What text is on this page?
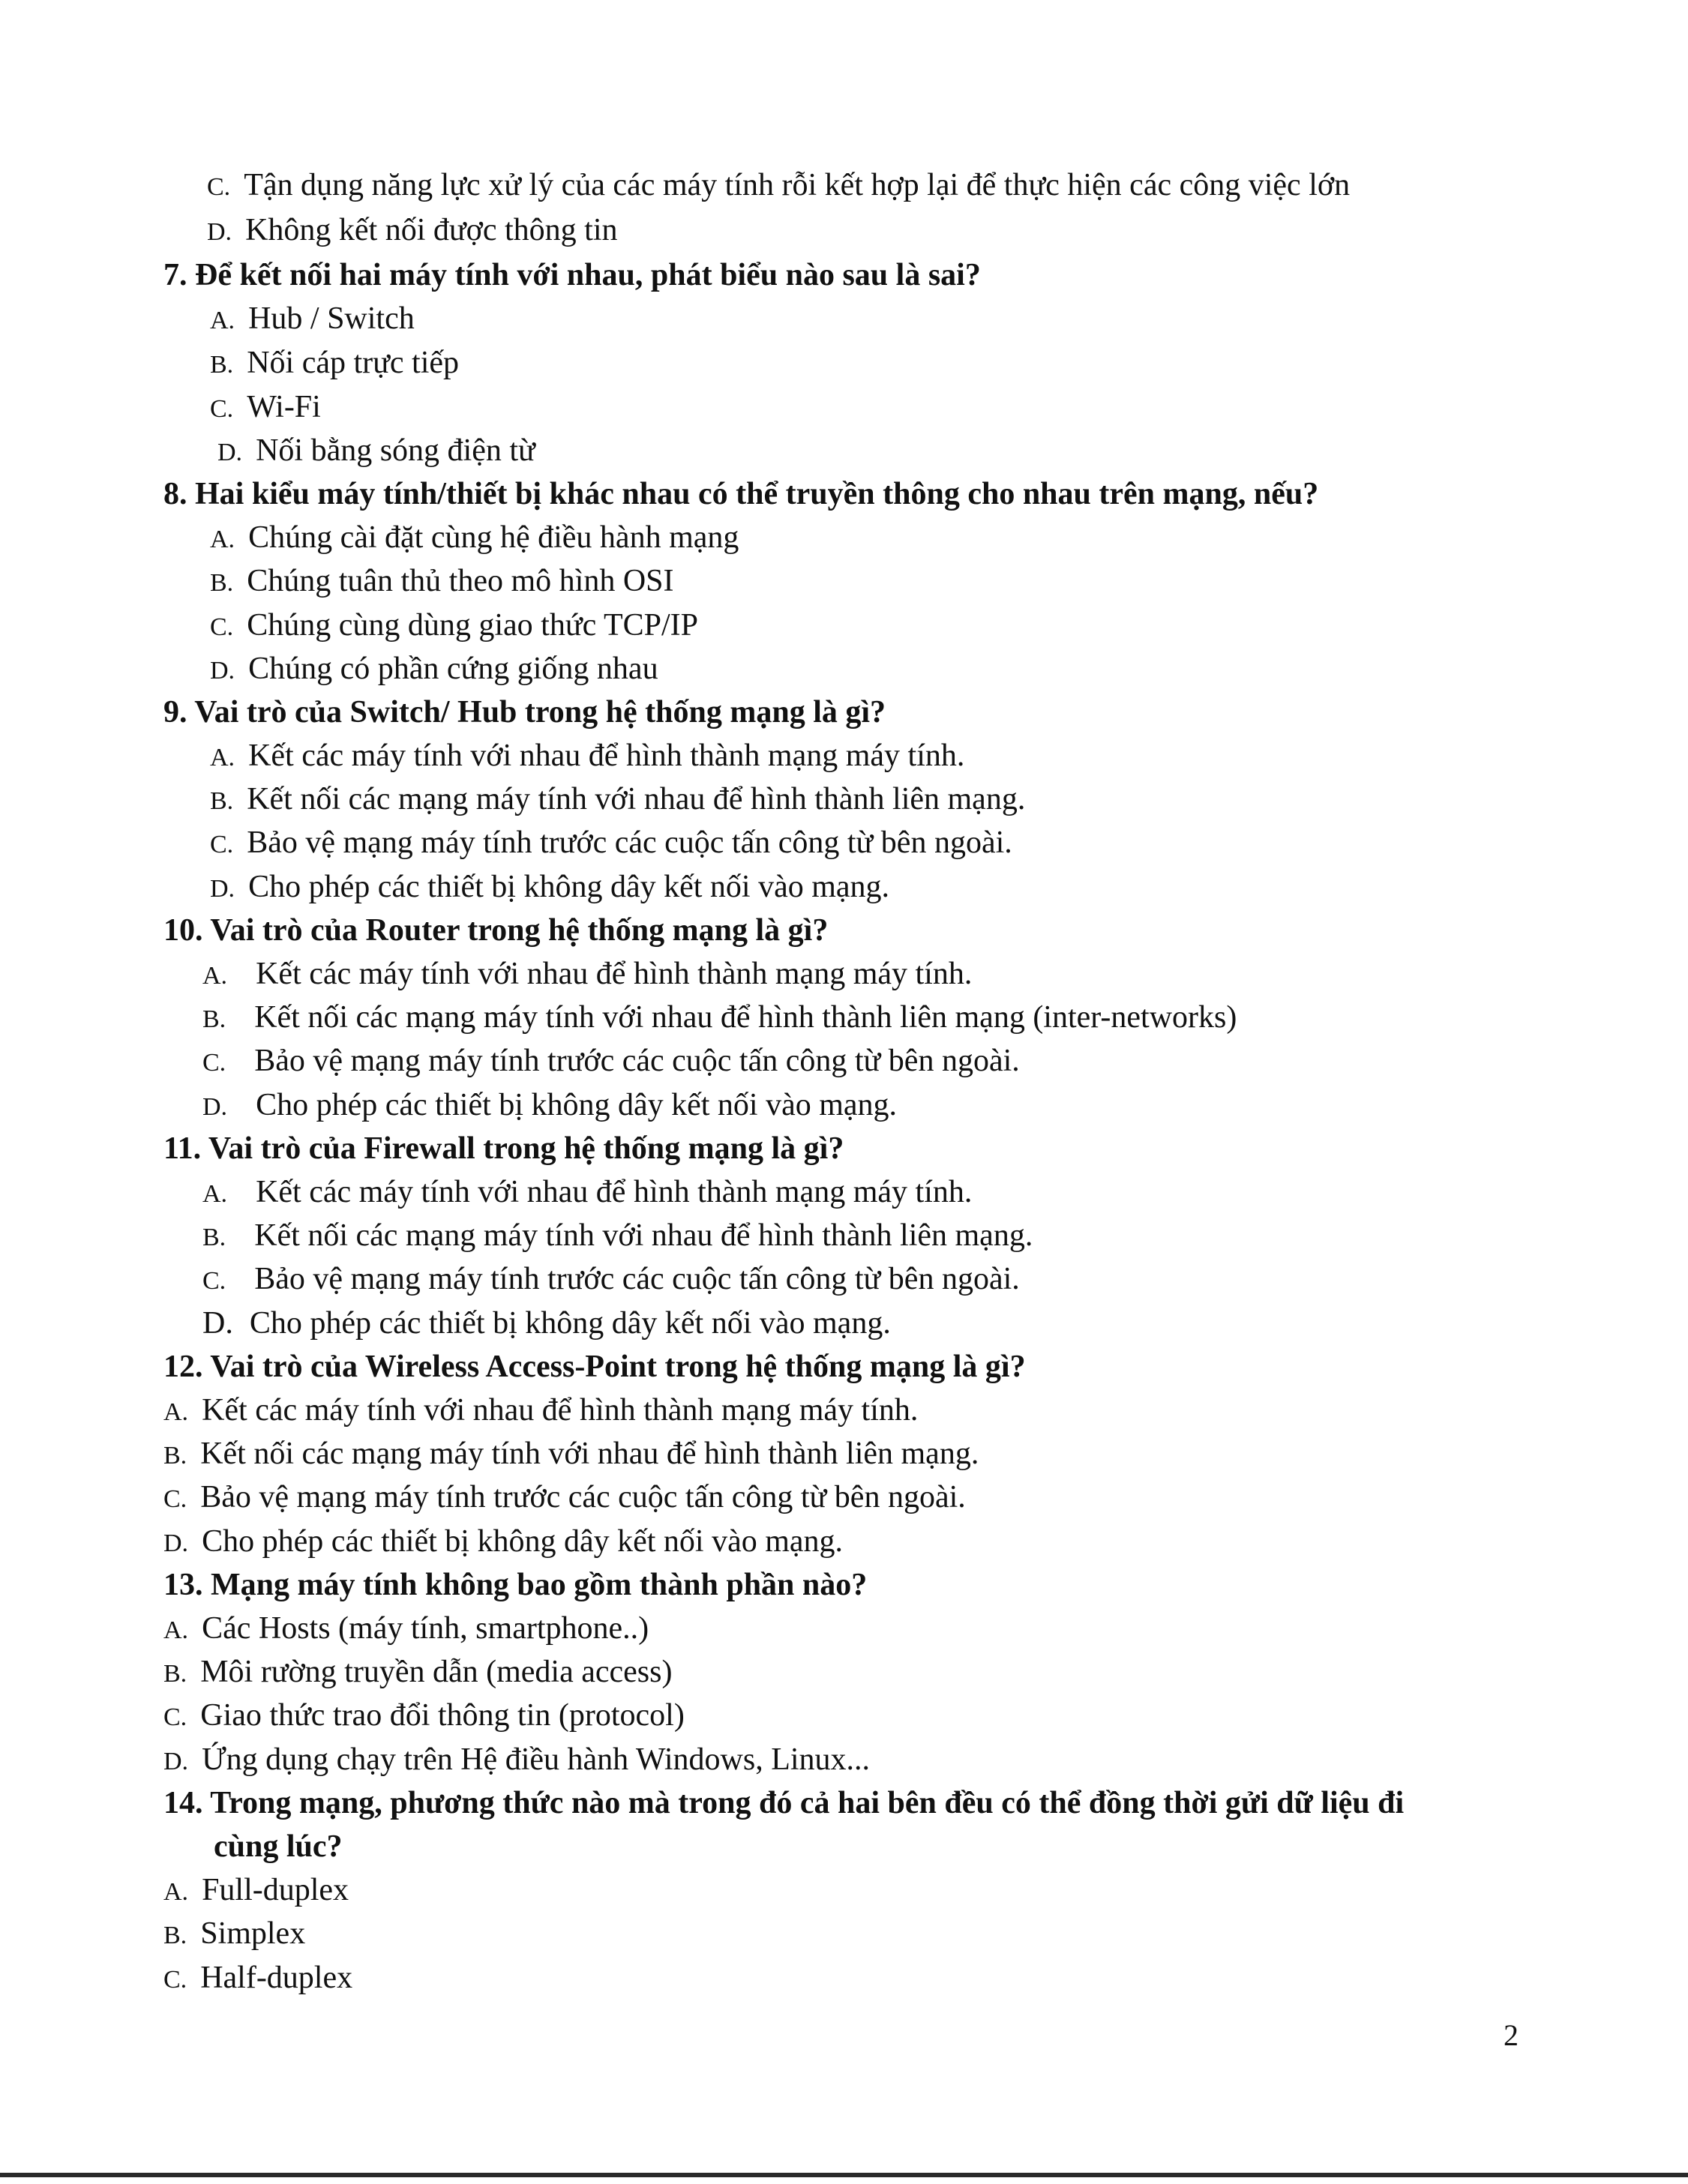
C. Tận dụng năng lực xử lý của các máy tính rỗi kết hợp lại để thực hiện các công việc lớn
D. Không kết nối được thông tin
7. Để kết nối hai máy tính với nhau, phát biểu nào sau là sai?
A. Hub / Switch
B. Nối cáp trực tiếp
C. Wi-Fi
D. Nối bằng sóng điện từ
8. Hai kiểu máy tính/thiết bị khác nhau có thể truyền thông cho nhau trên mạng, nếu?
A. Chúng cài đặt cùng hệ điều hành mạng
B. Chúng tuân thủ theo mô hình OSI
C. Chúng cùng dùng giao thức TCP/IP
D. Chúng có phần cứng giống nhau
9. Vai trò của Switch/ Hub trong hệ thống mạng là gì?
A. Kết các máy tính với nhau để hình thành mạng máy tính.
B. Kết nối các mạng máy tính với nhau để hình thành liên mạng.
C. Bảo vệ mạng máy tính trước các cuộc tấn công từ bên ngoài.
D. Cho phép các thiết bị không dây kết nối vào mạng.
10. Vai trò của Router trong hệ thống mạng là gì?
A. Kết các máy tính với nhau để hình thành mạng máy tính.
B. Kết nối các mạng máy tính với nhau để hình thành liên mạng (inter-networks)
C. Bảo vệ mạng máy tính trước các cuộc tấn công từ bên ngoài.
D. Cho phép các thiết bị không dây kết nối vào mạng.
11. Vai trò của Firewall trong hệ thống mạng là gì?
A. Kết các máy tính với nhau để hình thành mạng máy tính.
B. Kết nối các mạng máy tính với nhau để hình thành liên mạng.
C. Bảo vệ mạng máy tính trước các cuộc tấn công từ bên ngoài.
D. Cho phép các thiết bị không dây kết nối vào mạng.
12. Vai trò của Wireless Access-Point trong hệ thống mạng là gì?
A. Kết các máy tính với nhau để hình thành mạng máy tính.
B. Kết nối các mạng máy tính với nhau để hình thành liên mạng.
C. Bảo vệ mạng máy tính trước các cuộc tấn công từ bên ngoài.
D. Cho phép các thiết bị không dây kết nối vào mạng.
13. Mạng máy tính không bao gồm thành phần nào?
A. Các Hosts (máy tính, smartphone..)
B. Môi rường truyền dẫn (media access)
C. Giao thức trao đổi thông tin (protocol)
D. Ứng dụng chạy trên Hệ điều hành Windows, Linux...
14. Trong mạng, phương thức nào mà trong đó cả hai bên đều có thể đồng thời gửi dữ liệu đi
cùng lúc?
A. Full-duplex
B. Simplex
C. Half-duplex
2
